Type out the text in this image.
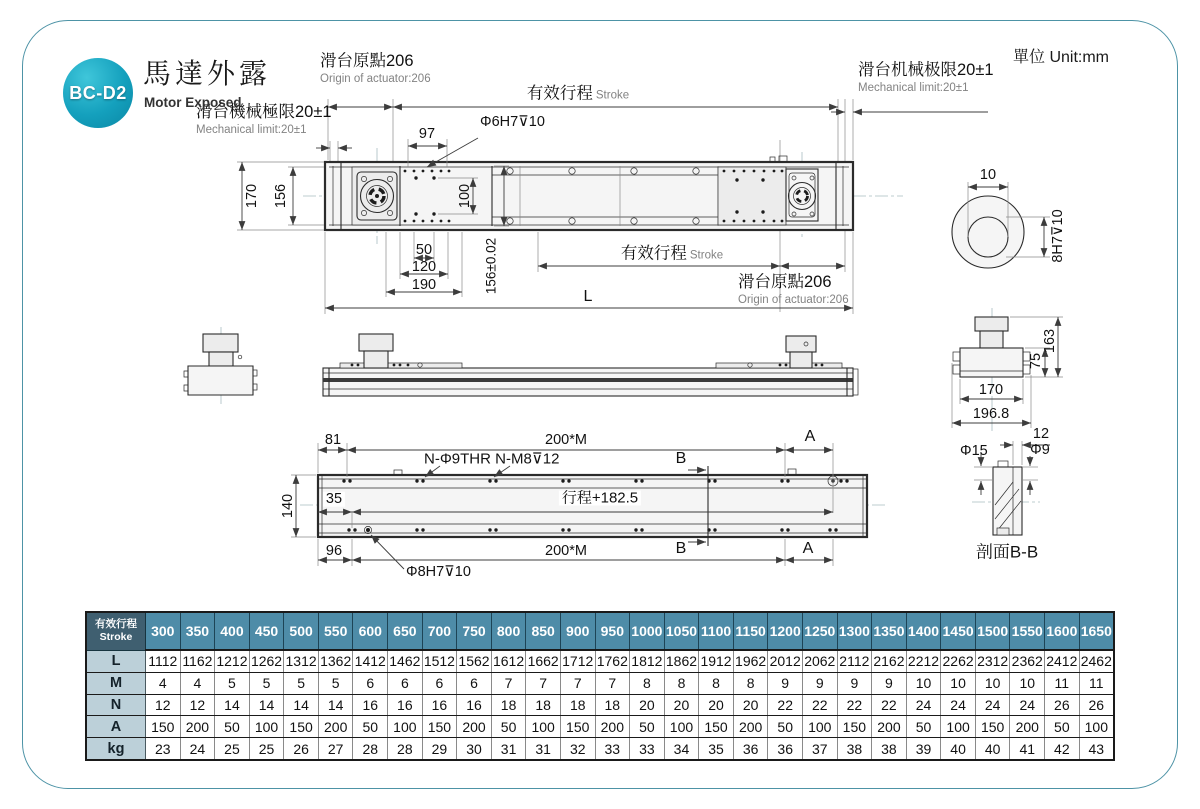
BC-D2
馬達外露
Motor Exposed
單位 Unit:mm
滑台原點206
Origin of actuator:206
有效行程 Stroke
滑台机械极限20±1
Mechanical limit:20±1
滑台機械極限20±1
Mechanical limit:20±1	97
Φ6H7⊽10
170 156	100
50
120
190	156±0.02	有效行程 Stroke
滑台原點206
Origin of actuator:206
L
10
8H7⊽10
163
75
170
196.8
Φ15
12
Φ9
剖面B-B
81	200*M	A
N-Φ9THR N-M8⊽12	B
140 35	行程+182.5
96	200*M	B	A
Φ8H7⊽10
有效行程
Stroke	300	350	400	450	500	550	600	650	700	750	800	850	900	950	1000	1050	1100	1150	1200	1250	1300	1350	1400	1450	1500	1550	1600	1650
L	1112	1162	1212	1262	1312	1362	1412	1462	1512	1562	1612	1662	1712	1762	1812	1862	1912	1962	2012	2062	2112	2162	2212	2262	2312	2362	2412	2462
M	4	4	5	5	5	5	6	6	6	6	7	7	7	7	8	8	8	8	9	9	9	9	10	10	10	10	11	11
N	12	12	14	14	14	14	16	16	16	16	18	18	18	18	20	20	20	20	22	22	22	22	24	24	24	24	26	26
A	150	200	50	100	150	200	50	100	150	200	50	100	150	200	50	100	150	200	50	100	150	200	50	100	150	200	50	100
kg	23	24	25	25	26	27	28	28	29	30	31	31	32	33	33	34	35	36	36	37	38	38	39	40	40	41	42	43
